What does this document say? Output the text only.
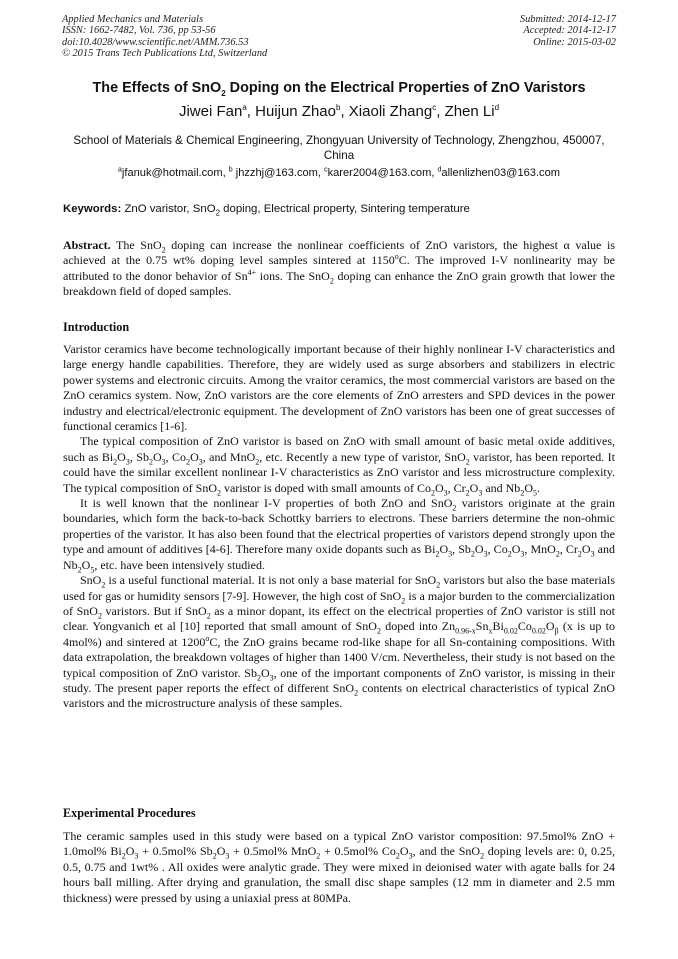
Applied Mechanics and Materials
ISSN: 1662-7482, Vol. 736, pp 53-56
doi:10.4028/www.scientific.net/AMM.736.53
© 2015 Trans Tech Publications Ltd, Switzerland
Submitted: 2014-12-17
Accepted: 2014-12-17
Online: 2015-03-02
The Effects of SnO$_2$ Doping on the Electrical Properties of ZnO Varistors
Jiwei Fan$^a$, Huijun Zhao$^b$, Xiaoli Zhang$^c$, Zhen Li$^d$
School of Materials & Chemical Engineering, Zhongyuan University of Technology, Zhengzhou, 450007, China
$^a$jfanuk@hotmail.com, $^b$ jhzzhj@163.com, $^c$karer2004@163.com, $^d$allenlizhen03@163.com
Keywords: ZnO varistor, SnO$_2$ doping, Electrical property, Sintering temperature

Abstract. The SnO$_2$ doping can increase the nonlinear coefficients of ZnO varistors, the highest α value is achieved at the 0.75 wt% doping level samples sintered at 1150$^o$C. The improved I-V nonlinearity may be attributed to the donor behavior of $Sn^{4+}$ ions. The SnO$_2$ doping can enhance the ZnO grain growth that lower the breakdown field of doped samples.

Introduction

Varistor ceramics have become technologically important because of their highly nonlinear I-V characteristics and large energy handle capabilities. Therefore, they are widely used as surge absorbers and stabilizers in electric power systems and electronic circuits. Among the vraitor ceramics, the most commercial varistors are based on the ZnO ceramics system. Now, ZnO varistors are the core elements of ZnO arresters and SPD devices in the power industry and electrical/electronic equipment. The development of ZnO varistors has been one of great successes of functional ceramics [1-6].

The typical composition of ZnO varistor is based on ZnO with small amount of basic metal oxide additives, such as $Bi_2O_3$, $Sb_2O_3$, $Co_2O_3$, and MnO$_2$, etc. Recently a new type of varistor, SnO$_2$ varistor, has been reported. It could have the similar excellent nonlinear I-V characteristics as ZnO varistor and less microstructure complexity. The typical composition of SnO$_2$ varistor is doped with small amounts of $Co_2O_3$, $Cr_2O_3$ and $Nb_2O_5$.

It is well known that the nonlinear I-V properties of both ZnO and SnO$_2$ varistors originate at the grain boundaries, which form the back-to-back Schottky barriers to electrons. These barriers determine the non-ohmic properties of the varistor. It has also been found that the electrical properties of varistors depend strongly upon the type and amount of additives [4-6]. Therefore many oxide dopants such as $Bi_2O_3$, $Sb_2O_3$, $Co_2O_3$, MnO$_2$, $Cr_2O_3$ and $Nb_2O_5$, etc. have been intensively studied.

SnO$_2$ is a useful functional material. It is not only a base material for SnO$_2$ varistors but also the base materials used for gas or humidity sensors [7-9]. However, the high cost of SnO$_2$ is a major burden to the commercialization of SnO$_2$ varistors. But if SnO$_2$ as a minor dopant, its effect on the electrical properties of ZnO varistor is still not clear. Yongvanich et al [10] reported that small amount of SnO$_2$ doped into $Zn_{0.96-x}Sn_xBi_{0.02}Co_{0.02}O_\beta$ (x is up to 4mol%) and sintered at 1200$^o$C, the ZnO grains became rod-like shape for all Sn-containing compositions. With data extrapolation, the breakdown voltages of higher than 1400 V/cm. Nevertheless, their study is not based on the typical composition of ZnO varistor. $Sb_2O_3$, one of the important components of ZnO varistor, is missing in their study. The present paper reports the effect of different SnO$_2$ contents on electrical characteristics of typical ZnO varistors and the microstructure analysis of these samples.

Experimental Procedures

The ceramic samples used in this study were based on a typical ZnO varistor composition: 97.5mol% ZnO + 1.0mol% $Bi_2O_3 + 0.5mol\%$ $Sb_2O_3 + 0.5mol\%$ MnO$_2$ + 0.5mol% $Co_2O_3$, and the SnO$_2$ doping levels are: 0, 0.25, 0.5, 0.75 and 1wt% . All oxides were analytic grade. They were mixed in deionised water with agate balls for 24 hours ball milling. After drying and granulation, the small disc shape samples (12 mm in diameter and 2.5 mm thickness) were pressed by using a uniaxial press at 80MPa.
